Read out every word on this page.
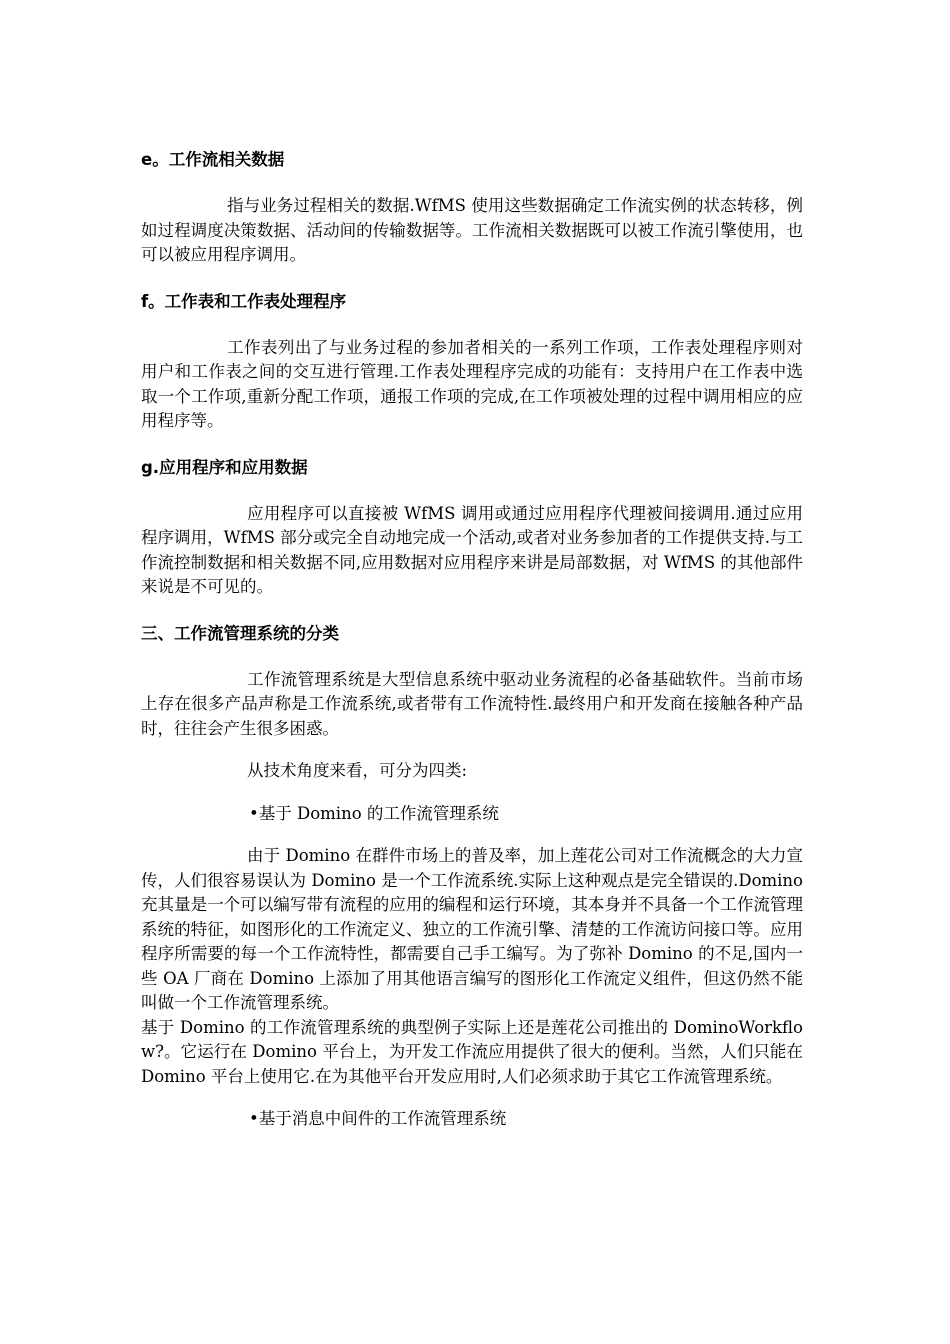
e。工作流相关数据

指与业务过程相关的数据.WfMS 使用这些数据确定工作流实例的状态转移，例如过程调度决策数据、活动间的传输数据等。工作流相关数据既可以被工作流引擎使用，也可以被应用程序调用。

f。工作表和工作表处理程序

工作表列出了与业务过程的参加者相关的一系列工作项，工作表处理程序则对用户和工作表之间的交互进行管理.工作表处理程序完成的功能有：支持用户在工作表中选取一个工作项,重新分配工作项，通报工作项的完成,在工作项被处理的过程中调用相应的应用程序等。

g.应用程序和应用数据

应用程序可以直接被 WfMS 调用或通过应用程序代理被间接调用.通过应用程序调用，WfMS 部分或完全自动地完成一个活动,或者对业务参加者的工作提供支持.与工作流控制数据和相关数据不同,应用数据对应用程序来讲是局部数据，对 WfMS 的其他部件来说是不可见的。

三、工作流管理系统的分类

工作流管理系统是大型信息系统中驱动业务流程的必备基础软件。当前市场上存在很多产品声称是工作流系统,或者带有工作流特性.最终用户和开发商在接触各种产品时，往往会产生很多困惑。

从技术角度来看，可分为四类:

•基于 Domino 的工作流管理系统

由于 Domino 在群件市场上的普及率，加上莲花公司对工作流概念的大力宣传，人们很容易误认为 Domino 是一个工作流系统.实际上这种观点是完全错误的.Domino 充其量是一个可以编写带有流程的应用的编程和运行环境，其本身并不具备一个工作流管理系统的特征，如图形化的工作流定义、独立的工作流引擎、清楚的工作流访问接口等。应用程序所需要的每一个工作流特性，都需要自己手工编写。为了弥补 Domino 的不足,国内一些 OA 厂商在 Domino 上添加了用其他语言编写的图形化工作流定义组件，但这仍然不能叫做一个工作流管理系统。

基于 Domino 的工作流管理系统的典型例子实际上还是莲花公司推出的 DominoWorkflow?。它运行在 Domino 平台上，为开发工作流应用提供了很大的便利。当然，人们只能在 Domino 平台上使用它.在为其他平台开发应用时,人们必须求助于其它工作流管理系统。

•基于消息中间件的工作流管理系统
